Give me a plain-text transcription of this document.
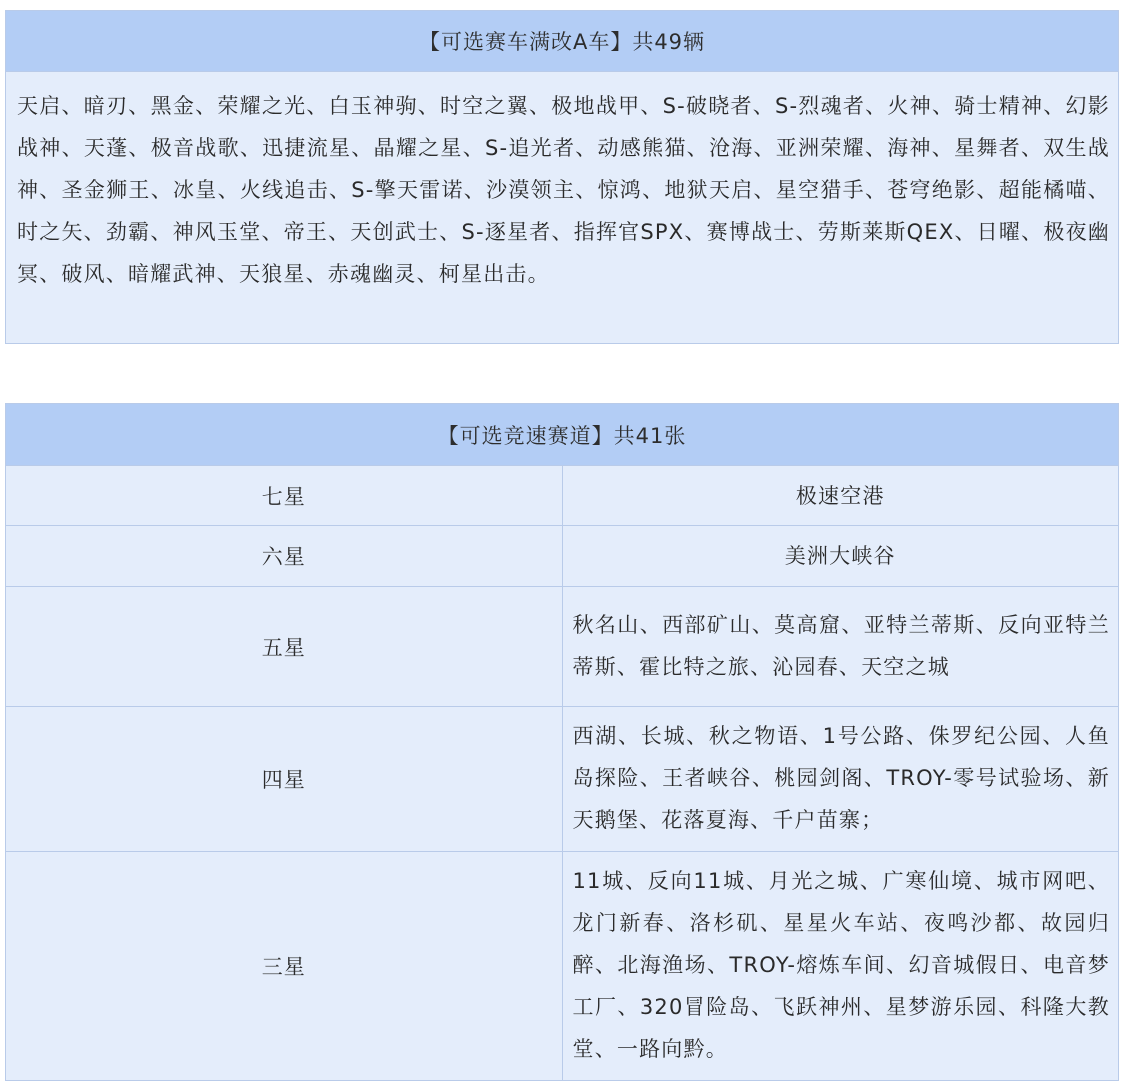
【可选赛车满改A车】共49辆
天启、暗刃、黑金、荣耀之光、白玉神驹、时空之翼、极地战甲、S-破晓者、S-烈魂者、火神、骑士精神、幻影战神、天蓬、极音战歌、迅捷流星、晶耀之星、S-追光者、动感熊猫、沧海、亚洲荣耀、海神、星舞者、双生战神、圣金狮王、冰皇、火线追击、S-擎天雷诺、沙漠领主、惊鸿、地狱天启、星空猎手、苍穹绝影、超能橘喵、时之矢、劲霸、神风玉堂、帝王、天创武士、S-逐星者、指挥官SPX、赛博战士、劳斯莱斯QEX、日曜、极夜幽冥、破风、暗耀武神、天狼星、赤魂幽灵、柯星出击。
【可选竞速赛道】共41张	
七星	极速空港
六星	美洲大峡谷
五星	秋名山、西部矿山、莫高窟、亚特兰蒂斯、反向亚特兰蒂斯、霍比特之旅、沁园春、天空之城
四星	西湖、长城、秋之物语、1号公路、侏罗纪公园、人鱼岛探险、王者峡谷、桃园剑阁、TROY-零号试验场、新天鹅堡、花落夏海、千户苗寨；
三星	11城、反向11城、月光之城、广寒仙境、城市网吧、龙门新春、洛杉矶、星星火车站、夜鸣沙都、故园归醉、北海渔场、TROY-熔炼车间、幻音城假日、电音梦工厂、320冒险岛、飞跃神州、星梦游乐园、科隆大教堂、一路向黔。
